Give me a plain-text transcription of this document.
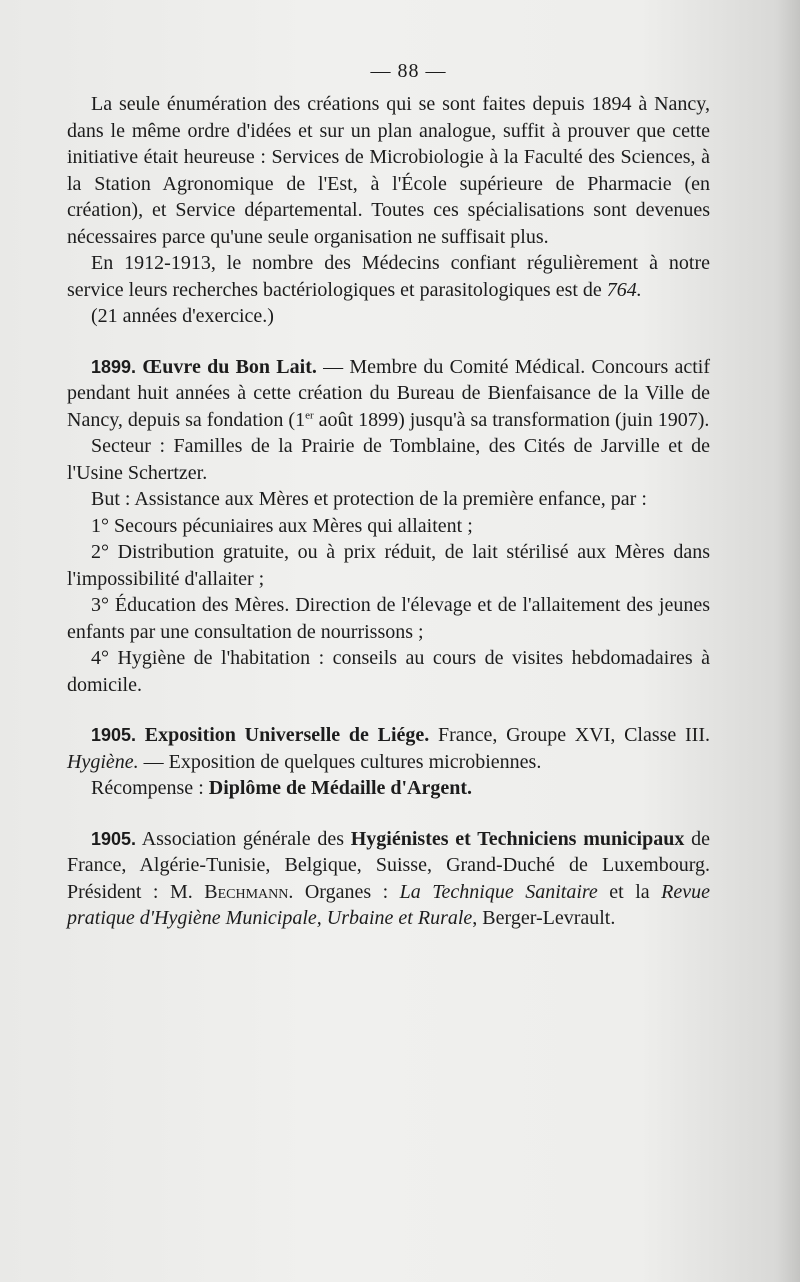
— 88 —

La seule énumération des créations qui se sont faites depuis 1894 à Nancy, dans le même ordre d'idées et sur un plan analogue, suffit à prouver que cette initiative était heureuse : Services de Microbiologie à la Faculté des Sciences, à la Station Agronomique de l'Est, à l'École supérieure de Pharmacie (en création), et Service départemental. Toutes ces spécialisations sont devenues nécessaires parce qu'une seule organisation ne suffisait plus.

En 1912-1913, le nombre des Médecins confiant régulièrement à notre service leurs recherches bactériologiques et parasitologiques est de 764.

(21 années d'exercice.)

1899. Œuvre du Bon Lait. — Membre du Comité Médical. Concours actif pendant huit années à cette création du Bureau de Bienfaisance de la Ville de Nancy, depuis sa fondation (1er août 1899) jusqu'à sa transformation (juin 1907).

Secteur : Familles de la Prairie de Tomblaine, des Cités de Jarville et de l'Usine Schertzer.

But : Assistance aux Mères et protection de la première enfance, par :

1° Secours pécuniaires aux Mères qui allaitent ;
2° Distribution gratuite, ou à prix réduit, de lait stérilisé aux Mères dans l'impossibilité d'allaiter ;
3° Éducation des Mères. Direction de l'élevage et de l'allaitement des jeunes enfants par une consultation de nourrissons ;
4° Hygiène de l'habitation : conseils au cours de visites hebdomadaires à domicile.

1905. Exposition Universelle de Liége. France, Groupe XVI, Classe III. Hygiène. — Exposition de quelques cultures microbiennes.

Récompense : Diplôme de Médaille d'Argent.

1905. Association générale des Hygiénistes et Techniciens municipaux de France, Algérie-Tunisie, Belgique, Suisse, Grand-Duché de Luxembourg. Président : M. Bechmann. Organes : La Technique Sanitaire et la Revue pratique d'Hygiène Municipale, Urbaine et Rurale, Berger-Levrault.
